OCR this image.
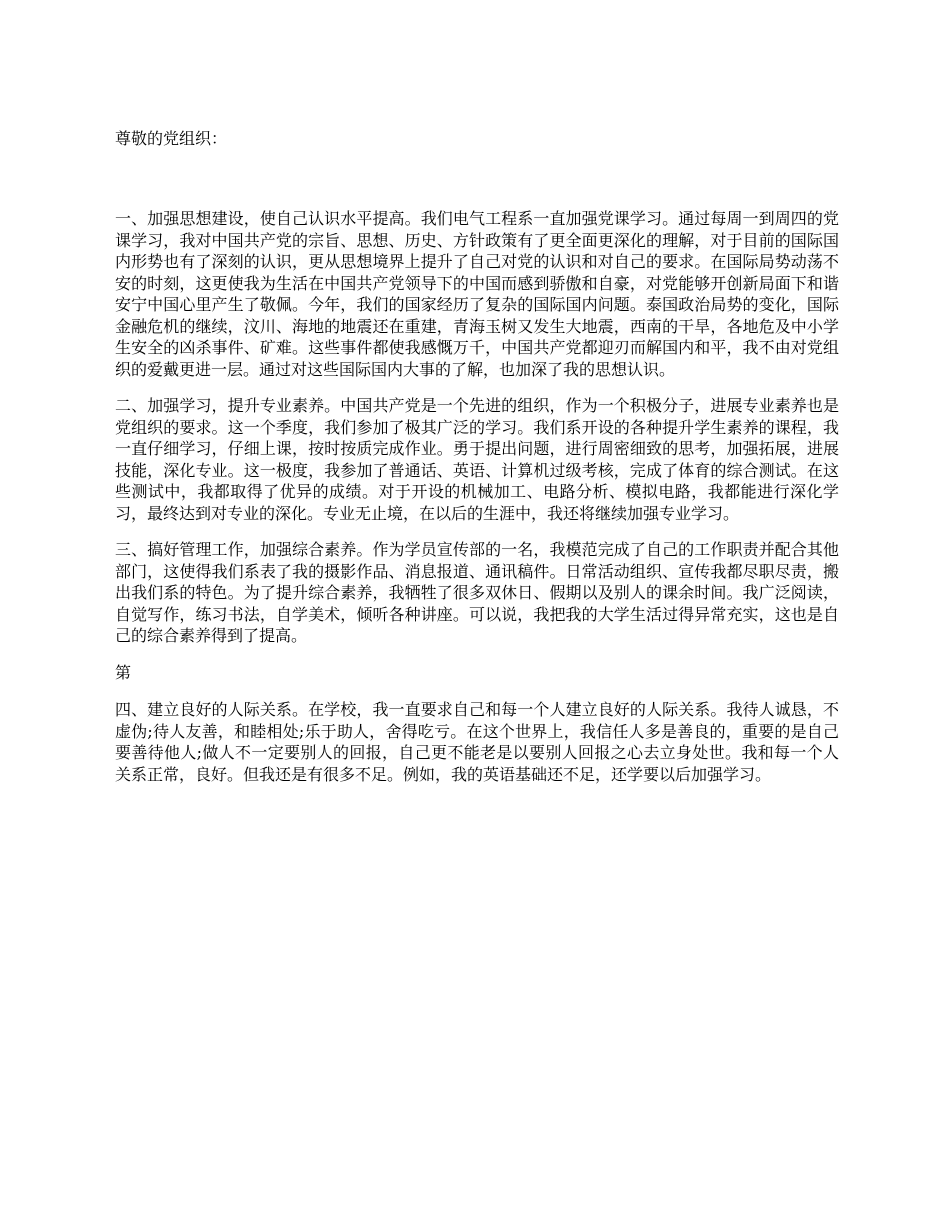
尊敬的党组织：

一、加强思想建设，使自己认识水平提高。我们电气工程系一直加强党课学习。通过每周一到周四的党课学习，我对中国共产党的宗旨、思想、历史、方针政策有了更全面更深化的理解，对于目前的国际国内形势也有了深刻的认识，更从思想境界上提升了自己对党的认识和对自己的要求。在国际局势动荡不安的时刻，这更使我为生活在中国共产党领导下的中国而感到骄傲和自豪，对党能够开创新局面下和谐安宁中国心里产生了敬佩。今年，我们的国家经历了复杂的国际国内问题。泰国政治局势的变化，国际金融危机的继续，汶川、海地的地震还在重建，青海玉树又发生大地震，西南的干旱，各地危及中小学生安全的凶杀事件、矿难。这些事件都使我感慨万千，中国共产党都迎刃而解国内和平，我不由对党组织的爱戴更进一层。通过对这些国际国内大事的了解，也加深了我的思想认识。

二、加强学习，提升专业素养。中国共产党是一个先进的组织，作为一个积极分子，进展专业素养也是党组织的要求。这一个季度，我们参加了极其广泛的学习。我们系开设的各种提升学生素养的课程，我一直仔细学习，仔细上课，按时按质完成作业。勇于提出问题，进行周密细致的思考，加强拓展，进展技能，深化专业。这一极度，我参加了普通话、英语、计算机过级考核，完成了体育的综合测试。在这些测试中，我都取得了优异的成绩。对于开设的机械加工、电路分析、模拟电路，我都能进行深化学习，最终达到对专业的深化。专业无止境，在以后的生涯中，我还将继续加强专业学习。

三、搞好管理工作，加强综合素养。作为学员宣传部的一名，我模范完成了自己的工作职责并配合其他部门，这使得我们系表了我的摄影作品、消息报道、通讯稿件。日常活动组织、宣传我都尽职尽责，搬出我们系的特色。为了提升综合素养，我牺牲了很多双休日、假期以及别人的课余时间。我广泛阅读，自觉写作，练习书法，自学美术，倾听各种讲座。可以说，我把我的大学生活过得异常充实，这也是自己的综合素养得到了提高。

第

四、建立良好的人际关系。在学校，我一直要求自己和每一个人建立良好的人际关系。我待人诚恳，不虚伪;待人友善，和睦相处;乐于助人，舍得吃亏。在这个世界上，我信任人多是善良的，重要的是自己要善待他人;做人不一定要别人的回报，自己更不能老是以要别人回报之心去立身处世。我和每一个人关系正常，良好。但我还是有很多不足。例如，我的英语基础还不足，还学要以后加强学习。
